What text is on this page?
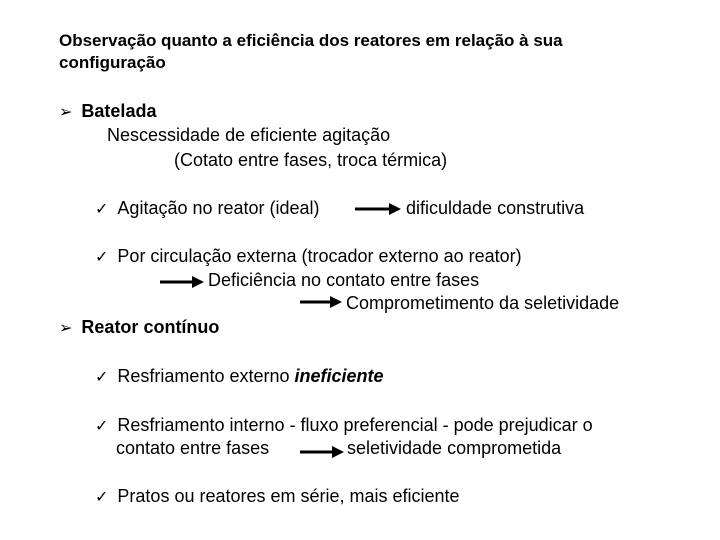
Observação quanto a eficiência dos reatores em relação à sua
configuração
➢ Batelada
Nescessidade de eficiente agitação
(Cotato entre fases, troca térmica)
✓ Agitação no reator (ideal)	dificuldade construtiva
✓ Por circulação externa (trocador externo ao reator)
Deficiência no contato entre fases
Comprometimento da seletividade
➢ Reator contínuo
✓ Resfriamento externo ineficiente
✓ Resfriamento interno - fluxo preferencial - pode prejudicar o
contato entre fases	seletividade comprometida
✓ Pratos ou reatores em série, mais eficiente
